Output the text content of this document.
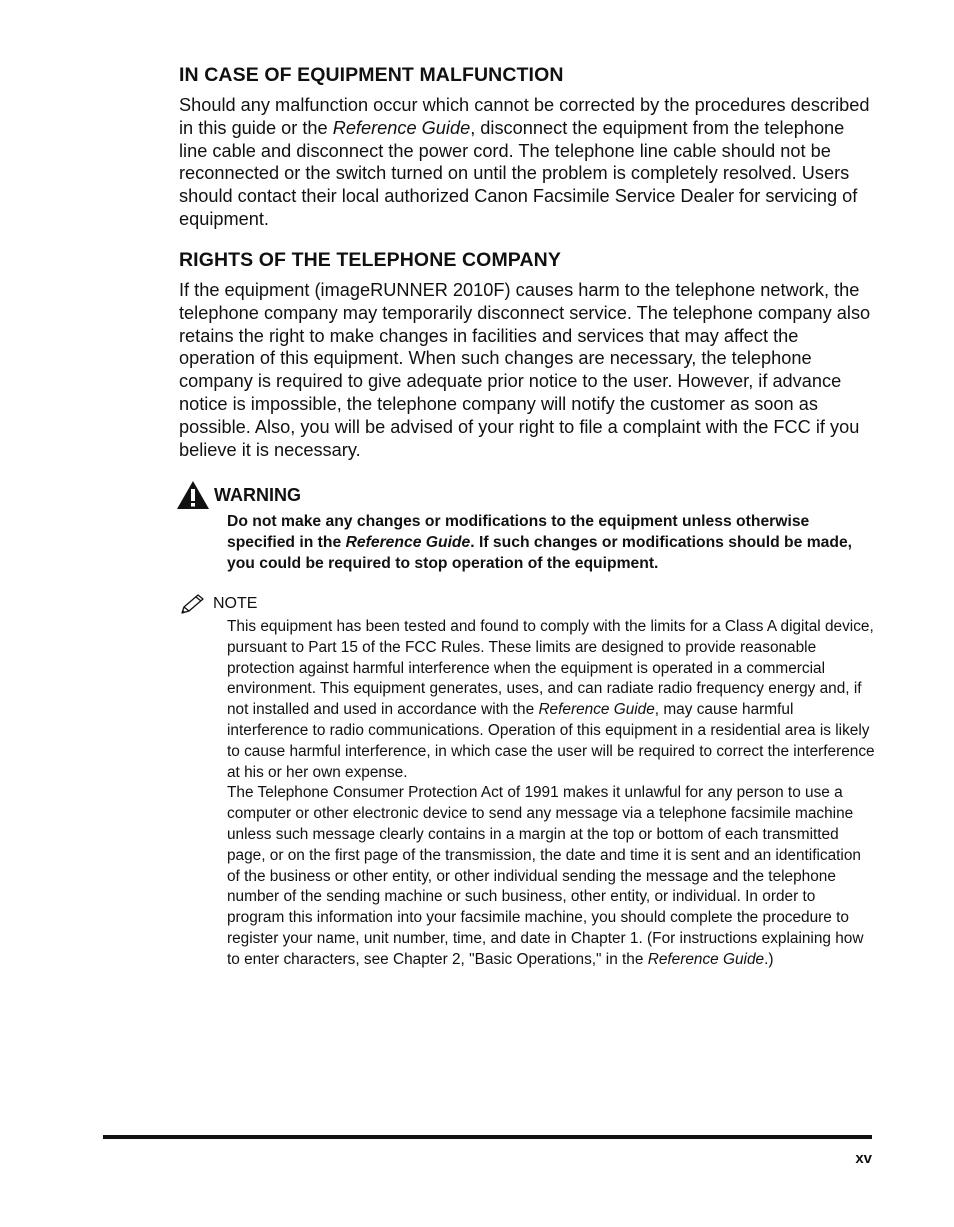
IN CASE OF EQUIPMENT MALFUNCTION

Should any malfunction occur which cannot be corrected by the procedures described in this guide or the Reference Guide, disconnect the equipment from the telephone line cable and disconnect the power cord. The telephone line cable should not be reconnected or the switch turned on until the problem is completely resolved. Users should contact their local authorized Canon Facsimile Service Dealer for servicing of equipment.

RIGHTS OF THE TELEPHONE COMPANY

If the equipment (imageRUNNER 2010F) causes harm to the telephone network, the telephone company may temporarily disconnect service. The telephone company also retains the right to make changes in facilities and services that may affect the operation of this equipment. When such changes are necessary, the telephone company is required to give adequate prior notice to the user. However, if advance notice is impossible, the telephone company will notify the customer as soon as possible. Also, you will be advised of your right to file a complaint with the FCC if you believe it is necessary.

WARNING

Do not make any changes or modifications to the equipment unless otherwise specified in the Reference Guide. If such changes or modifications should be made, you could be required to stop operation of the equipment.

NOTE

This equipment has been tested and found to comply with the limits for a Class A digital device, pursuant to Part 15 of the FCC Rules. These limits are designed to provide reasonable protection against harmful interference when the equipment is operated in a commercial environment. This equipment generates, uses, and can radiate radio frequency energy and, if not installed and used in accordance with the Reference Guide, may cause harmful interference to radio communications. Operation of this equipment in a residential area is likely to cause harmful interference, in which case the user will be required to correct the interference at his or her own expense.

The Telephone Consumer Protection Act of 1991 makes it unlawful for any person to use a computer or other electronic device to send any message via a telephone facsimile machine unless such message clearly contains in a margin at the top or bottom of each transmitted page, or on the first page of the transmission, the date and time it is sent and an identification of the business or other entity, or other individual sending the message and the telephone number of the sending machine or such business, other entity, or individual. In order to program this information into your facsimile machine, you should complete the procedure to register your name, unit number, time, and date in Chapter 1. (For instructions explaining how to enter characters, see Chapter 2, "Basic Operations," in the Reference Guide.)

xv
